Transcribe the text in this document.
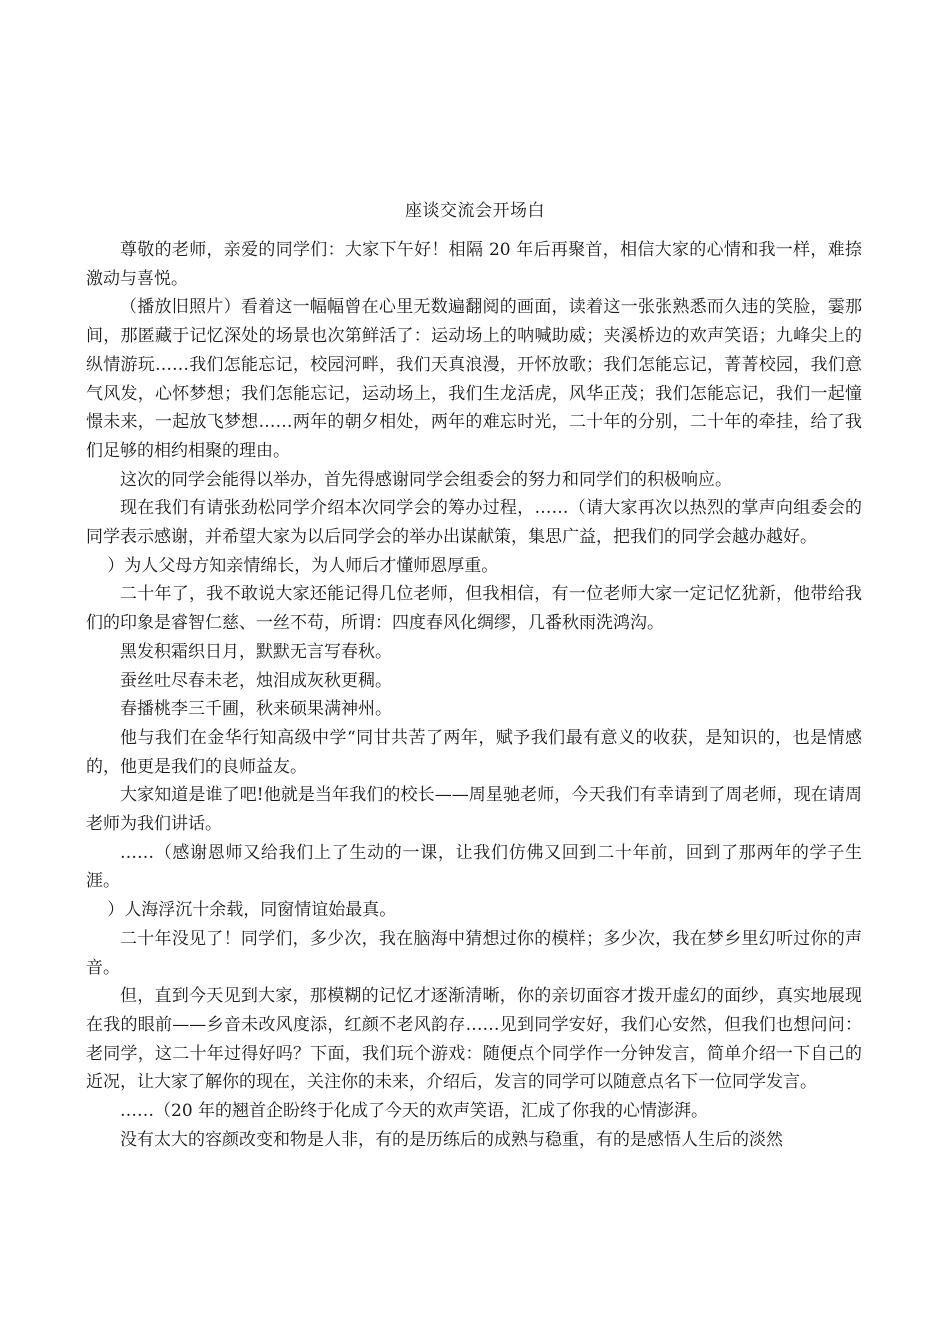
座谈交流会开场白

尊敬的老师，亲爱的同学们：大家下午好！相隔 20 年后再聚首，相信大家的心情和我一样，难捺激动与喜悦。

（播放旧照片）看着这一幅幅曾在心里无数遍翻阅的画面，读着这一张张熟悉而久违的笑脸，霎那间，那匿藏于记忆深处的场景也次第鲜活了：运动场上的呐喊助威；夹溪桥边的欢声笑语；九峰尖上的纵情游玩……我们怎能忘记，校园河畔，我们天真浪漫，开怀放歌；我们怎能忘记，菁菁校园，我们意气风发，心怀梦想；我们怎能忘记，运动场上，我们生龙活虎，风华正茂；我们怎能忘记，我们一起憧憬未来，一起放飞梦想……两年的朝夕相处，两年的难忘时光，二十年的分别，二十年的牵挂，给了我们足够的相约相聚的理由。

这次的同学会能得以举办，首先得感谢同学会组委会的努力和同学们的积极响应。

现在我们有请张劲松同学介绍本次同学会的筹办过程，……（请大家再次以热烈的掌声向组委会的同学表示感谢，并希望大家为以后同学会的举办出谋献策，集思广益，把我们的同学会越办越好。

）为人父母方知亲情绵长，为人师后才懂师恩厚重。

二十年了，我不敢说大家还能记得几位老师，但我相信，有一位老师大家一定记忆犹新，他带给我们的印象是睿智仁慈、一丝不苟，所谓：四度春风化绸缪，几番秋雨洗鸿沟。

黑发积霜织日月，默默无言写春秋。

蚕丝吐尽春未老，烛泪成灰秋更稠。

春播桃李三千圃，秋来硕果满神州。

他与我们在金华行知高级中学“同甘共苦了两年，赋予我们最有意义的收获，是知识的，也是情感的，他更是我们的良师益友。

大家知道是谁了吧!他就是当年我们的校长——周星驰老师，今天我们有幸请到了周老师，现在请周老师为我们讲话。

……（感谢恩师又给我们上了生动的一课，让我们仿佛又回到二十年前，回到了那两年的学子生涯。

）人海浮沉十余载，同窗情谊始最真。

二十年没见了！同学们，多少次，我在脑海中猜想过你的模样；多少次，我在梦乡里幻听过你的声音。

但，直到今天见到大家，那模糊的记忆才逐渐清晰，你的亲切面容才拨开虚幻的面纱，真实地展现在我的眼前——乡音未改风度添，红颜不老风韵存……见到同学安好，我们心安然，但我们也想问问：老同学，这二十年过得好吗？下面，我们玩个游戏：随便点个同学作一分钟发言，简单介绍一下自己的近况，让大家了解你的现在，关注你的未来，介绍后，发言的同学可以随意点名下一位同学发言。

……（20 年的翘首企盼终于化成了今天的欢声笑语，汇成了你我的心情澎湃。

没有太大的容颜改变和物是人非，有的是历练后的成熟与稳重，有的是感悟人生后的淡然
